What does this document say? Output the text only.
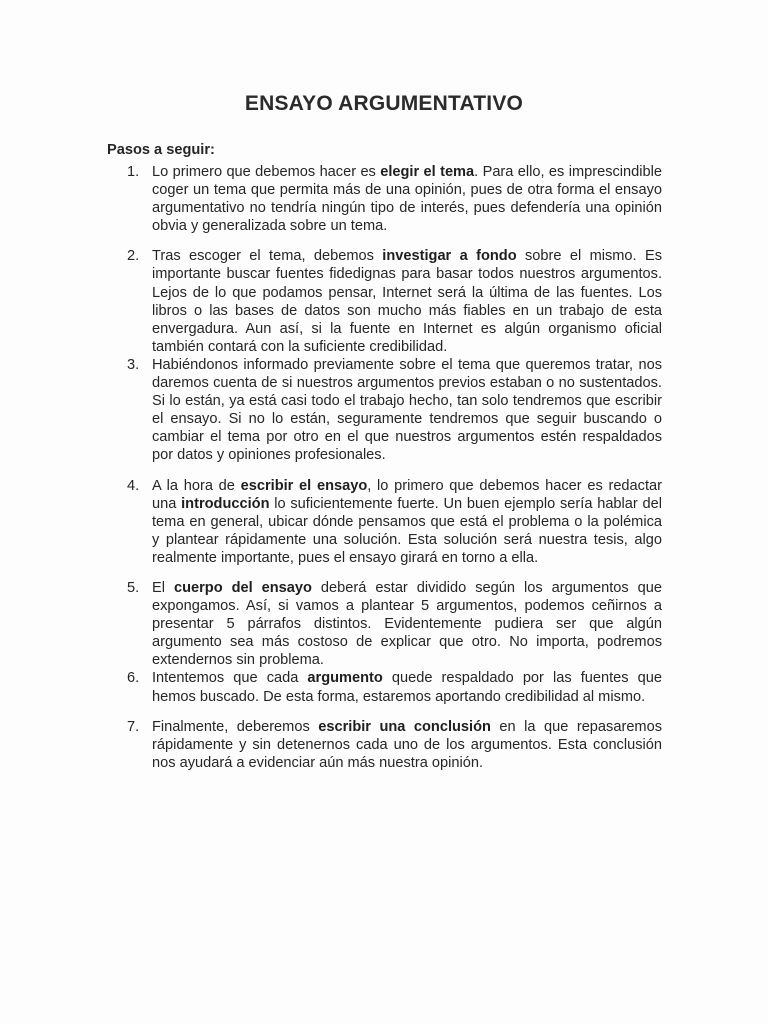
ENSAYO ARGUMENTATIVO

Pasos a seguir:

1. Lo primero que debemos hacer es elegir el tema. Para ello, es imprescindible coger un tema que permita más de una opinión, pues de otra forma el ensayo argumentativo no tendría ningún tipo de interés, pues defendería una opinión obvia y generalizada sobre un tema.
2. Tras escoger el tema, debemos investigar a fondo sobre el mismo. Es importante buscar fuentes fidedignas para basar todos nuestros argumentos. Lejos de lo que podamos pensar, Internet será la última de las fuentes. Los libros o las bases de datos son mucho más fiables en un trabajo de esta envergadura. Aun así, si la fuente en Internet es algún organismo oficial también contará con la suficiente credibilidad.
3. Habiéndonos informado previamente sobre el tema que queremos tratar, nos daremos cuenta de si nuestros argumentos previos estaban o no sustentados. Si lo están, ya está casi todo el trabajo hecho, tan solo tendremos que escribir el ensayo. Si no lo están, seguramente tendremos que seguir buscando o cambiar el tema por otro en el que nuestros argumentos estén respaldados por datos y opiniones profesionales.
4. A la hora de escribir el ensayo, lo primero que debemos hacer es redactar una introducción lo suficientemente fuerte. Un buen ejemplo sería hablar del tema en general, ubicar dónde pensamos que está el problema o la polémica y plantear rápidamente una solución. Esta solución será nuestra tesis, algo realmente importante, pues el ensayo girará en torno a ella.
5. El cuerpo del ensayo deberá estar dividido según los argumentos que expongamos. Así, si vamos a plantear 5 argumentos, podemos ceñirnos a presentar 5 párrafos distintos. Evidentemente pudiera ser que algún argumento sea más costoso de explicar que otro. No importa, podremos extendernos sin problema.
6. Intentemos que cada argumento quede respaldado por las fuentes que hemos buscado. De esta forma, estaremos aportando credibilidad al mismo.
7. Finalmente, deberemos escribir una conclusión en la que repasaremos rápidamente y sin detenernos cada uno de los argumentos. Esta conclusión nos ayudará a evidenciar aún más nuestra opinión.
